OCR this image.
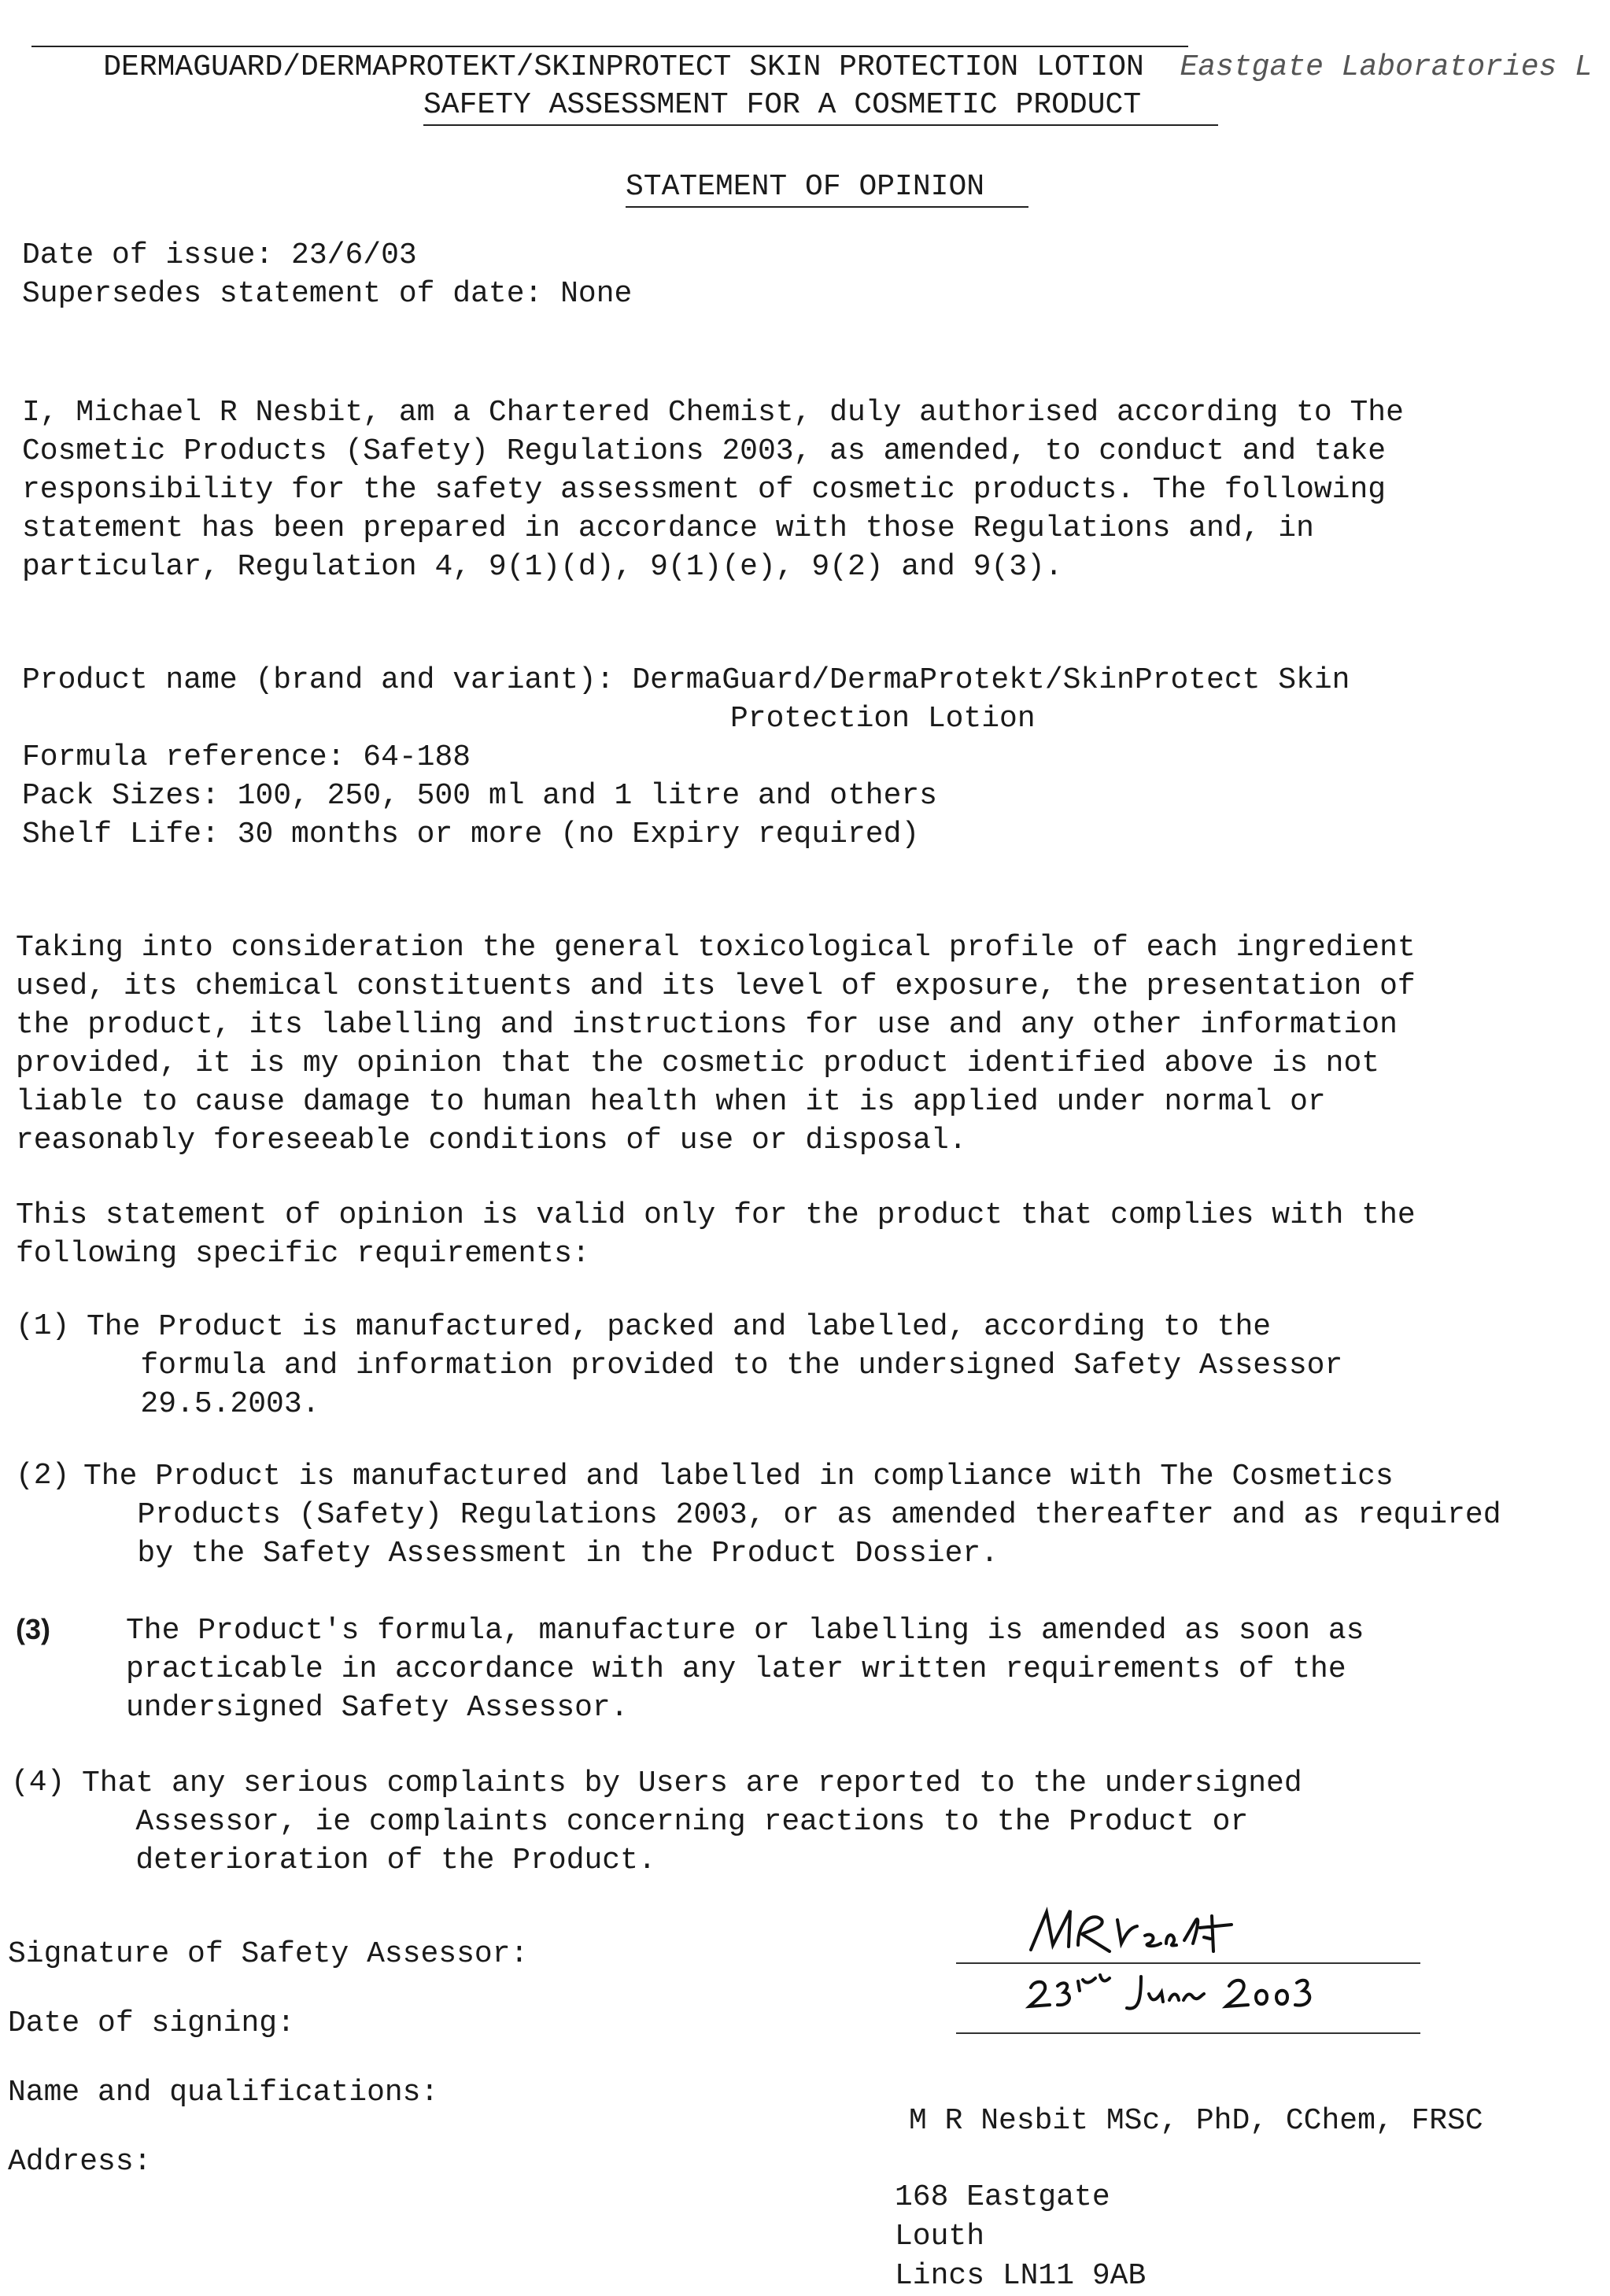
DERMAGUARD/DERMAPROTEKT/SKINPROTECT SKIN PROTECTION LOTION Eastgate Laboratories L

SAFETY ASSESSMENT FOR A COSMETIC PRODUCT
STATEMENT OF OPINION
Date of issue: 23/6/03
Supersedes statement of date: None
I, Michael R Nesbit, am a Chartered Chemist, duly authorised according to The
Cosmetic Products (Safety) Regulations 2003, as amended, to conduct and take
responsibility for the safety assessment of cosmetic products. The following
statement has been prepared in accordance with those Regulations and, in
particular, Regulation 4, 9(1)(d), 9(1)(e), 9(2) and 9(3).
Product name (brand and variant): DermaGuard/DermaProtekt/SkinProtect Skin
Protection Lotion
Formula reference: 64-188
Pack Sizes: 100, 250, 500 ml and 1 litre and others
Shelf Life: 30 months or more (no Expiry required)
Taking into consideration the general toxicological profile of each ingredient
used, its chemical constituents and its level of exposure, the presentation of
the product, its labelling and instructions for use and any other information
provided, it is my opinion that the cosmetic product identified above is not
liable to cause damage to human health when it is applied under normal or
reasonably foreseeable conditions of use or disposal.
This statement of opinion is valid only for the product that complies with the
following specific requirements:
(1) The Product is manufactured, packed and labelled, according to the
formula and information provided to the undersigned Safety Assessor
29.5.2003.
(2) The Product is manufactured and labelled in compliance with The Cosmetics
Products (Safety) Regulations 2003, or as amended thereafter and as required
by the Safety Assessment in the Product Dossier.
(3)	The Product's formula, manufacture or labelling is amended as soon as
practicable in accordance with any later written requirements of the
undersigned Safety Assessor.
(4) That any serious complaints by Users are reported to the undersigned
Assessor, ie complaints concerning reactions to the Product or
deterioration of the Product.
Signature of Safety Assessor:
Date of signing:
Name and qualifications:
Address:
M R Nesbit MSc, PhD, CChem, FRSC
168 Eastgate
Louth
Lincs LN11 9AB
